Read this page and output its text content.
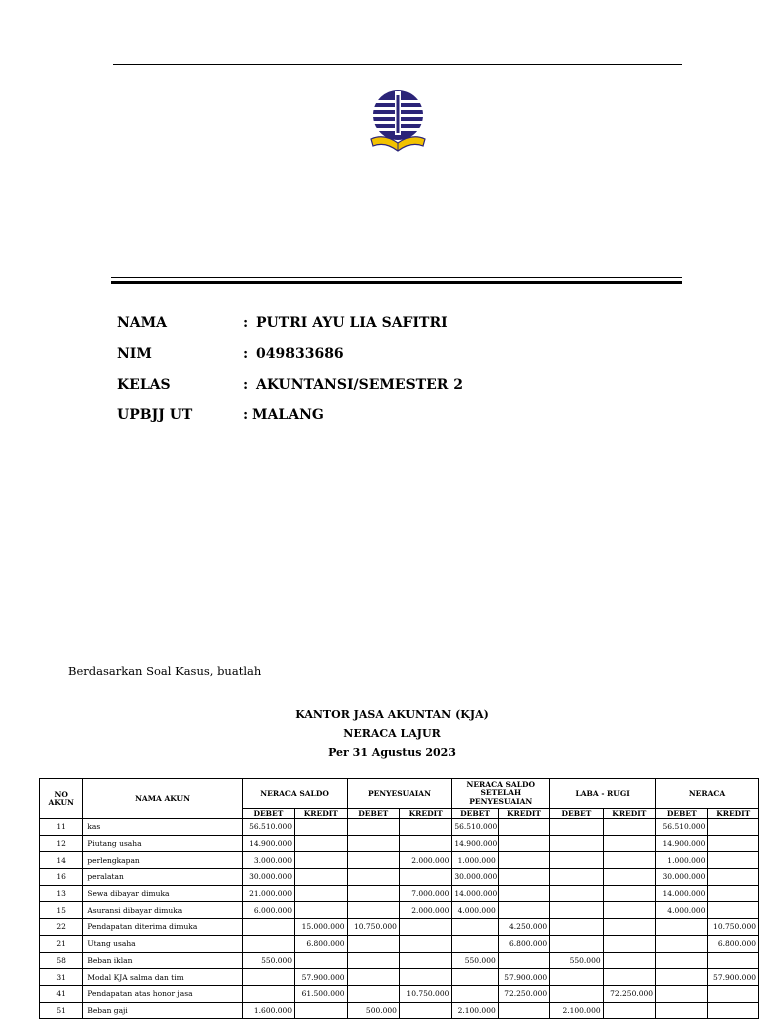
NAMA	: PUTRI AYU LIA SAFITRI
NIM	: 049833686
KELAS	: AKUNTANSI/SEMESTER 2
UPBJJ UT	: MALANG
Berdasarkan Soal Kasus, buatlah
KANTOR JASA AKUNTAN (KJA)
NERACA LAJUR
Per 31 Agustus 2023
NO AKUN	NAMA AKUN	NERACA SALDO		PENYESUAIAN		NERACA SALDO SETELAH PENYESUAIAN		LABA - RUGI		NERACA	
		DEBET	KREDIT	DEBET	KREDIT	DEBET	KREDIT	DEBET	KREDIT	DEBET	KREDIT
11	kas	56.510.000				56.510.000				56.510.000	
12	Piutang usaha	14.900.000				14.900.000				14.900.000	
14	perlengkapan	3.000.000			2.000.000	1.000.000				1.000.000	
16	peralatan	30.000.000				30.000.000				30.000.000	
13	Sewa dibayar dimuka	21.000.000			7.000.000	14.000.000				14.000.000	
15	Asuransi dibayar dimuka	6.000.000			2.000.000	4.000.000				4.000.000	
22	Pendapatan diterima dimuka		15.000.000	10.750.000			4.250.000				10.750.000
21	Utang usaha		6.800.000				6.800.000				6.800.000
58	Beban iklan	550.000				550.000		550.000			
31	Modal KJA salma dan tim		57.900.000				57.900.000				57.900.000
41	Pendapatan atas honor jasa		61.500.000		10.750.000		72.250.000		72.250.000		
51	Beban gaji	1.600.000		500.000		2.100.000		2.100.000			
